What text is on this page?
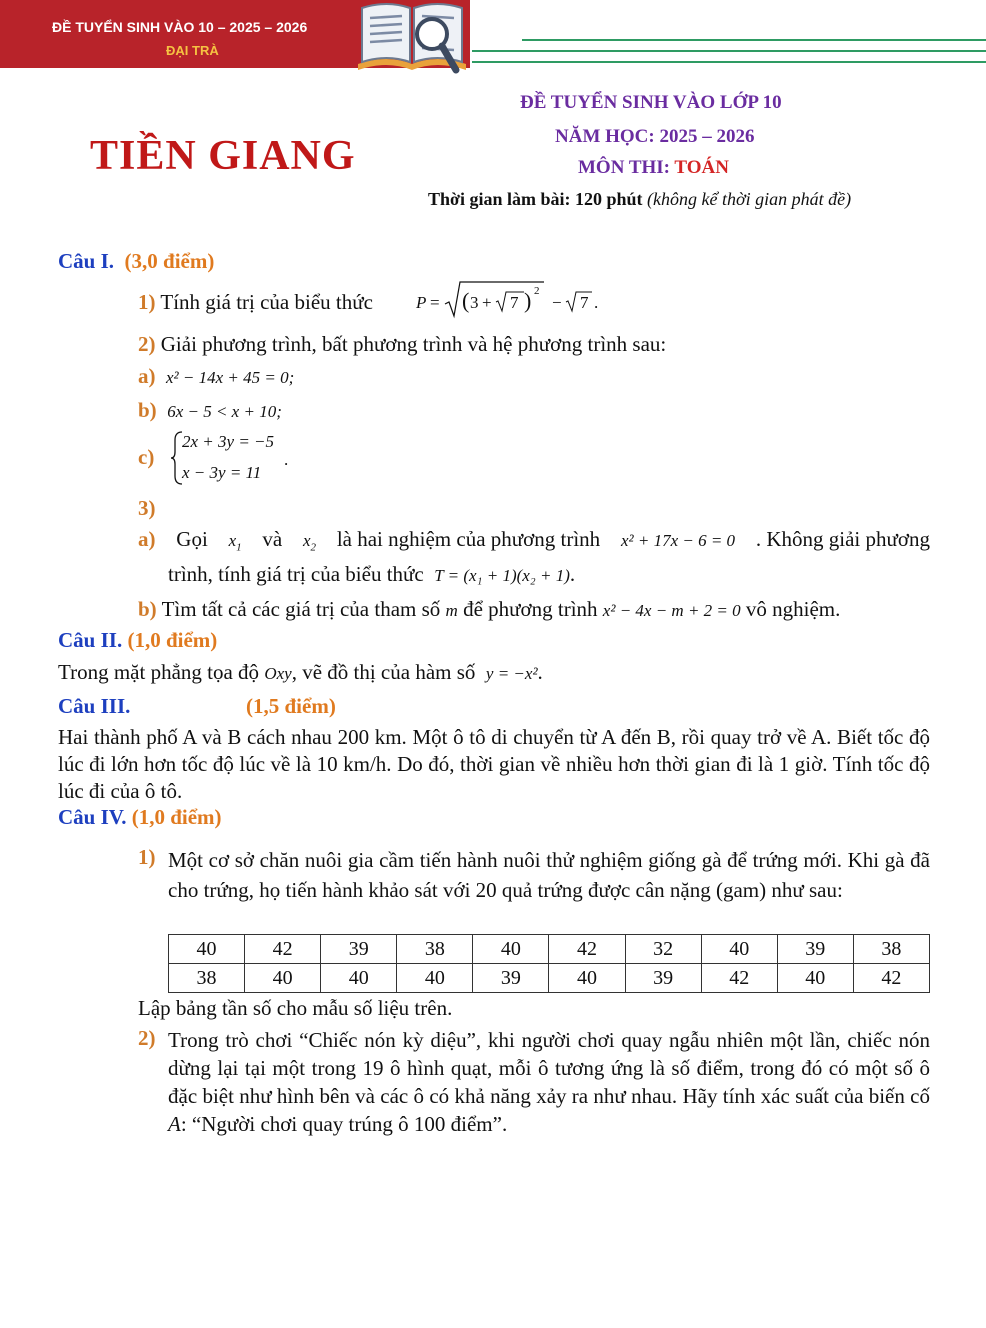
ĐỀ TUYỂN SINH VÀO 10 – 2025 – 2026
ĐẠI TRÀ
TIỀN GIANG
ĐỀ TUYỂN SINH VÀO LỚP 10
NĂM HỌC: 2025 – 2026
MÔN THI: TOÁN
Thời gian làm bài: 120 phút (không kể thời gian phát đề)
Câu I. (3,0 điểm)
1) Tính giá trị của biểu thức	P = ( 3 + 7 ) 2
− 7 .
2) Giải phương trình, bất phương trình và hệ phương trình sau:
a) x² − 14x + 45 = 0;
b) 6x − 5 < x + 10;
c)
2x + 3y = −5
x − 3y = 11
.
3)
a) Gọi $x_1$ và $x_2$ là hai nghiệm của phương trình x² + 17x − 6 = 0 . Không giải phương
trình, tính giá trị của biểu thức T = (x₁ + 1)(x₂ + 1).
b) Tìm tất cả các giá trị của tham số m để phương trình x² − 4x − m + 2 = 0 vô nghiệm.
Câu II. (1,0 điểm)
Trong mặt phẳng tọa độ Oxy, vẽ đồ thị của hàm số y = −x².
Câu III.	(1,5 điểm)
Hai thành phố A và B cách nhau 200 km. Một ô tô di chuyển từ A đến B, rồi quay trở về A. Biết tốc độ lúc đi lớn hơn tốc độ lúc về là 10 km/h. Do đó, thời gian về nhiều hơn thời gian đi là 1 giờ. Tính tốc độ lúc đi của ô tô.
Câu IV. (1,0 điểm)
1) Một cơ sở chăn nuôi gia cầm tiến hành nuôi thử nghiệm giống gà để trứng mới. Khi gà đã cho trứng, họ tiến hành khảo sát với 20 quả trứng được cân nặng (gam) như sau:
40	42	39	38	40	42	32	40	39	38
38	40	40	40	39	40	39	42	40	42
Lập bảng tần số cho mẫu số liệu trên.
2) Trong trò chơi “Chiếc nón kỳ diệu”, khi người chơi quay ngẫu nhiên một lần, chiếc nón dừng lại tại một trong 19 ô hình quạt, mỗi ô tương ứng là số điểm, trong đó có một số ô đặc biệt như hình bên và các ô có khả năng xảy ra như nhau. Hãy tính xác suất của biến cố A: “Người chơi quay trúng ô 100 điểm”.
